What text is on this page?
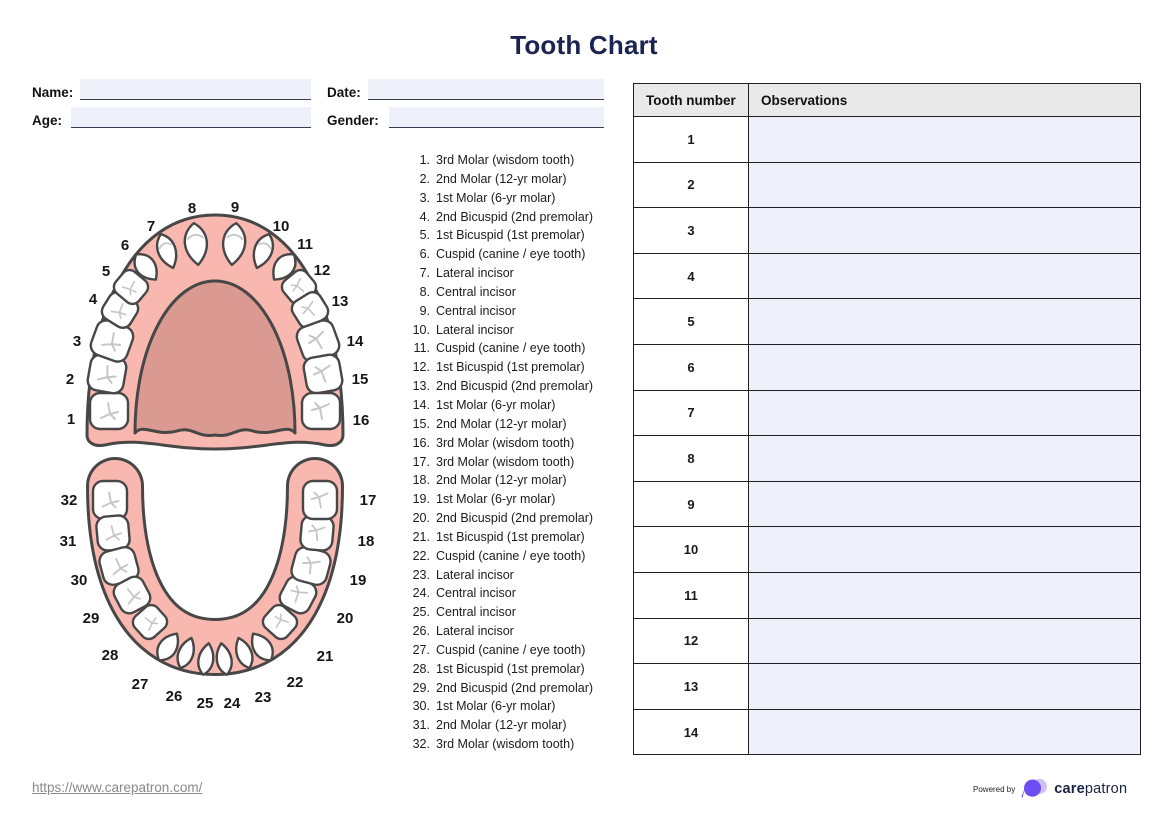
Tooth Chart
Name:	Date:
Age:	Gender:
1
2
3
4
5
6
7
8 9
10
11
12
13
14
15
16
32
31
30
29
28
27
26 25 24 23
22
21
20
19
18
17
1. 3rd Molar (wisdom tooth)
2. 2nd Molar (12-yr molar)
3. 1st Molar (6-yr molar)
4. 2nd Bicuspid (2nd premolar)
5. 1st Bicuspid (1st premolar)
6. Cuspid (canine / eye tooth)
7. Lateral incisor
8. Central incisor
9. Central incisor
10. Lateral incisor
11. Cuspid (canine / eye tooth)
12. 1st Bicuspid (1st premolar)
13. 2nd Bicuspid (2nd premolar)
14. 1st Molar (6-yr molar)
15. 2nd Molar (12-yr molar)
16. 3rd Molar (wisdom tooth)
17. 3rd Molar (wisdom tooth)
18. 2nd Molar (12-yr molar)
19. 1st Molar (6-yr molar)
20. 2nd Bicuspid (2nd premolar)
21. 1st Bicuspid (1st premolar)
22. Cuspid (canine / eye tooth)
23. Lateral incisor
24. Central incisor
25. Central incisor
26. Lateral incisor
27. Cuspid (canine / eye tooth)
28. 1st Bicuspid (1st premolar)
29. 2nd Bicuspid (2nd premolar)
30. 1st Molar (6-yr molar)
31. 2nd Molar (12-yr molar)
32. 3rd Molar (wisdom tooth)
Tooth number	Observations
1	
2	
3	
4	
5	
6	
7	
8	
9	
10	
11	
12	
13	
14	
https://www.carepatron.com/	Powered by	carepatron
